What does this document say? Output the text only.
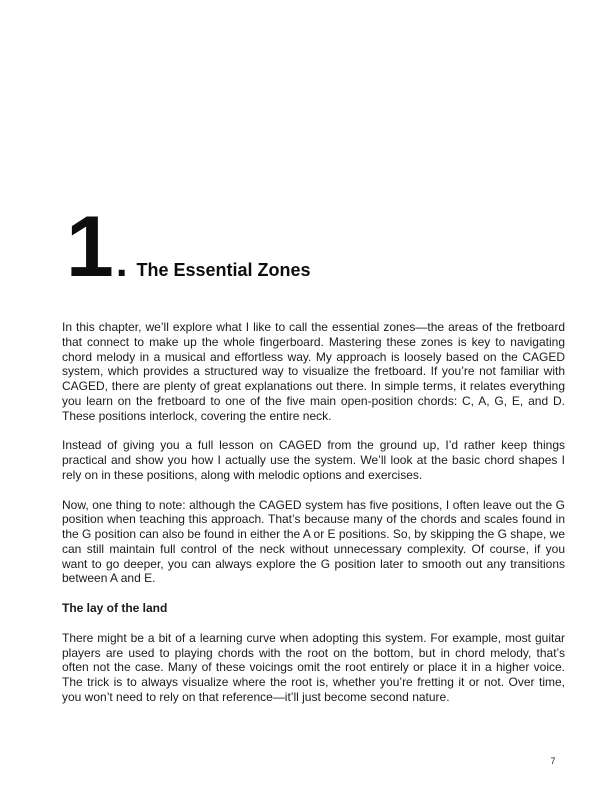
1 . The Essential Zones

In this chapter, we’ll explore what I like to call the essential zones—the areas of the fretboard that connect to make up the whole fingerboard. Mastering these zones is key to navigating chord melody in a musical and effortless way. My approach is loosely based on the CAGED system, which provides a structured way to visualize the fretboard. If you’re not familiar with CAGED, there are plenty of great explanations out there. In simple terms, it relates everything you learn on the fretboard to one of the five main open-position chords: C, A, G, E, and D. These positions interlock, covering the entire neck.

Instead of giving you a full lesson on CAGED from the ground up, I’d rather keep things practical and show you how I actually use the system. We’ll look at the basic chord shapes I rely on in these positions, along with melodic options and exercises.

Now, one thing to note: although the CAGED system has five positions, I often leave out the G position when teaching this approach. That’s because many of the chords and scales found in the G position can also be found in either the A or E positions. So, by skipping the G shape, we can still maintain full control of the neck without unnecessary complexity. Of course, if you want to go deeper, you can always explore the G position later to smooth out any transitions between A and E.

The lay of the land

There might be a bit of a learning curve when adopting this system. For example, most guitar players are used to playing chords with the root on the bottom, but in chord melody, that’s often not the case. Many of these voicings omit the root entirely or place it in a higher voice. The trick is to always visualize where the root is, whether you’re fretting it or not. Over time, you won’t need to rely on that reference—it’ll just become second nature.

7
